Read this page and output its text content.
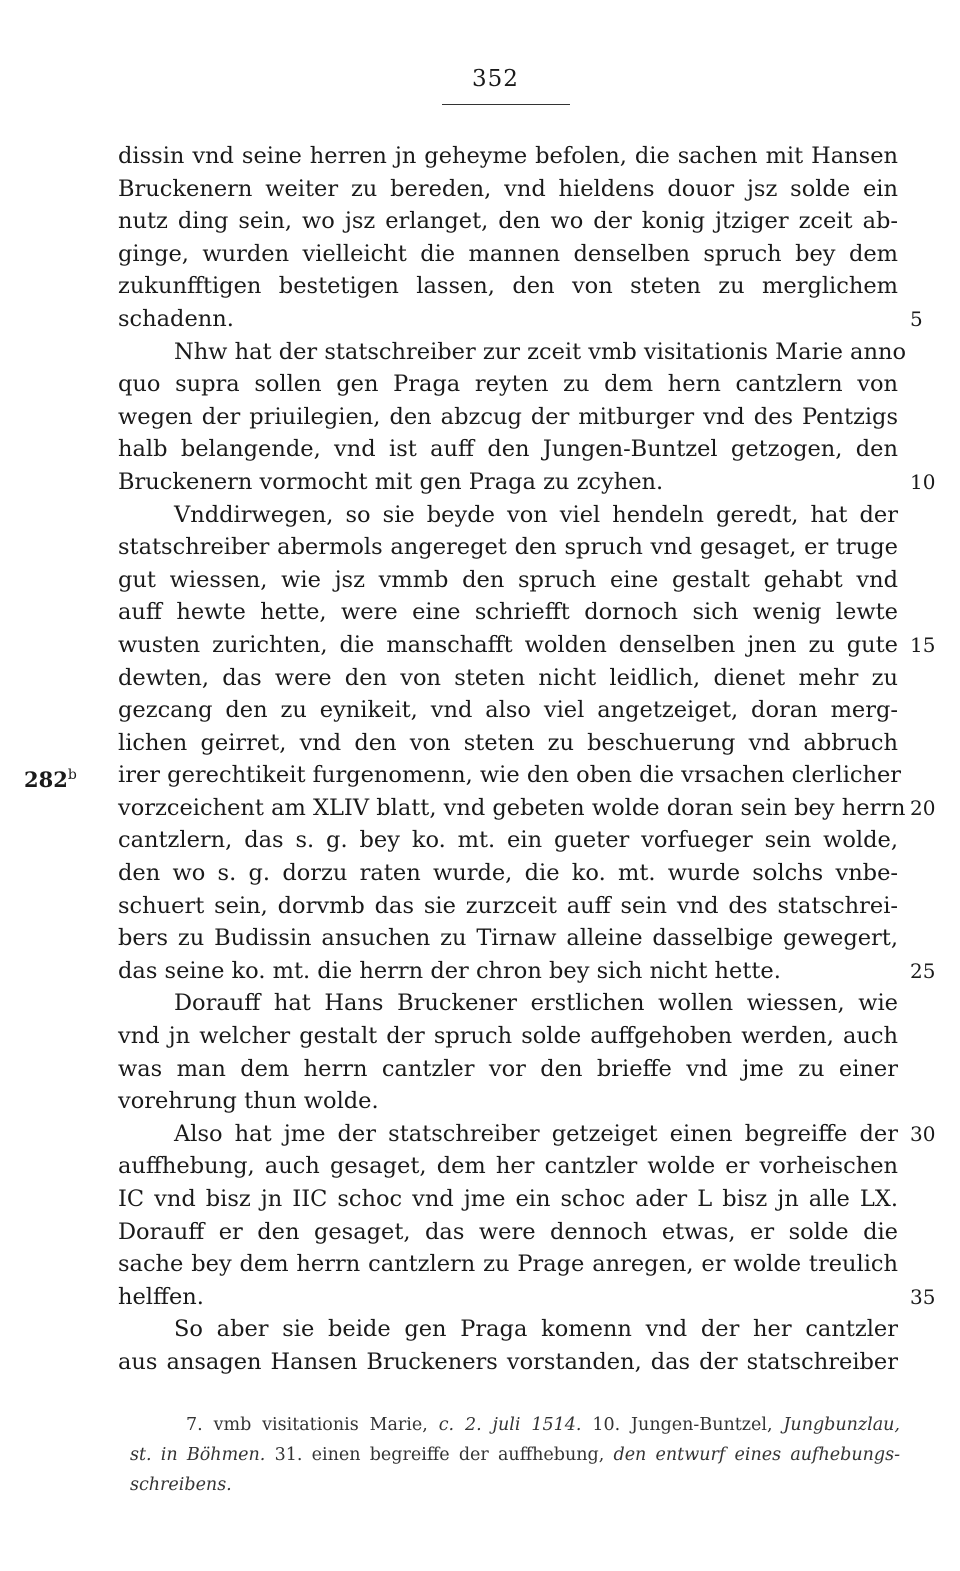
352
dissin vnd seine herren jn geheyme befolen, die sachen mit Hansen
Bruckenern weiter zu bereden, vnd hieldens douor jsz solde ein
nutz ding sein, wo jsz erlanget, den wo der konig jtziger zceit ab-
ginge, wurden vielleicht die mannen denselben spruch bey dem
zukunfftigen bestetigen lassen, den von steten zu merglichem
schadenn.
Nhw hat der statschreiber zur zceit vmb visitationis Marie anno
quo supra sollen gen Praga reyten zu dem hern cantzlern von
wegen der priuilegien, den abzcug der mitburger vnd des Pentzigs
halb belangende, vnd ist auff den Jungen-Buntzel getzogen, den
Bruckenern vormocht mit gen Praga zu zcyhen.
Vnddirwegen, so sie beyde von viel hendeln geredt, hat der
statschreiber abermols angereget den spruch vnd gesaget, er truge
gut wiessen, wie jsz vmmb den spruch eine gestalt gehabt vnd
auff hewte hette, were eine schriefft dornoch sich wenig lewte
wusten zurichten, die manschafft wolden denselben jnen zu gute
dewten, das were den von steten nicht leidlich, dienet mehr zu
gezcang den zu eynikeit, vnd also viel angetzeiget, doran merg-
lichen geirret, vnd den von steten zu beschuerung vnd abbruch
irer gerechtikeit furgenomenn, wie den oben die vrsachen clerlicher
vorzceichent am XLIV blatt, vnd gebeten wolde doran sein bey herrn
cantzlern, das s. g. bey ko. mt. ein gueter vorfueger sein wolde,
den wo s. g. dorzu raten wurde, die ko. mt. wurde solchs vnbe-
schuert sein, dorvmb das sie zurzceit auff sein vnd des statschrei-
bers zu Budissin ansuchen zu Tirnaw alleine dasselbige gewegert,
das seine ko. mt. die herrn der chron bey sich nicht hette.
Dorauff hat Hans Bruckener erstlichen wollen wiessen, wie
vnd jn welcher gestalt der spruch solde auffgehoben werden, auch
was man dem herrn cantzler vor den brieffe vnd jme zu einer
vorehrung thun wolde.
Also hat jme der statschreiber getzeiget einen begreiffe der
auffhebung, auch gesaget, dem her cantzler wolde er vorheischen
IC vnd bisz jn IIC schoc vnd jme ein schoc ader L bisz jn alle LX.
Dorauff er den gesaget, das were dennoch etwas, er solde die
sache bey dem herrn cantzlern zu Prage anregen, er wolde treulich
helffen.
So aber sie beide gen Praga komenn vnd der her cantzler
aus ansagen Hansen Bruckeners vorstanden, das der statschreiber
5
10
15
20
25
30
35
282$^b$
7. vmb visitationis Marie, c. 2. juli 1514. 10. Jungen-Buntzel, Jungbunzlau,
st. in Böhmen. 31. einen begreiffe der auffhebung, den entwurf eines aufhebungs-
schreibens.
